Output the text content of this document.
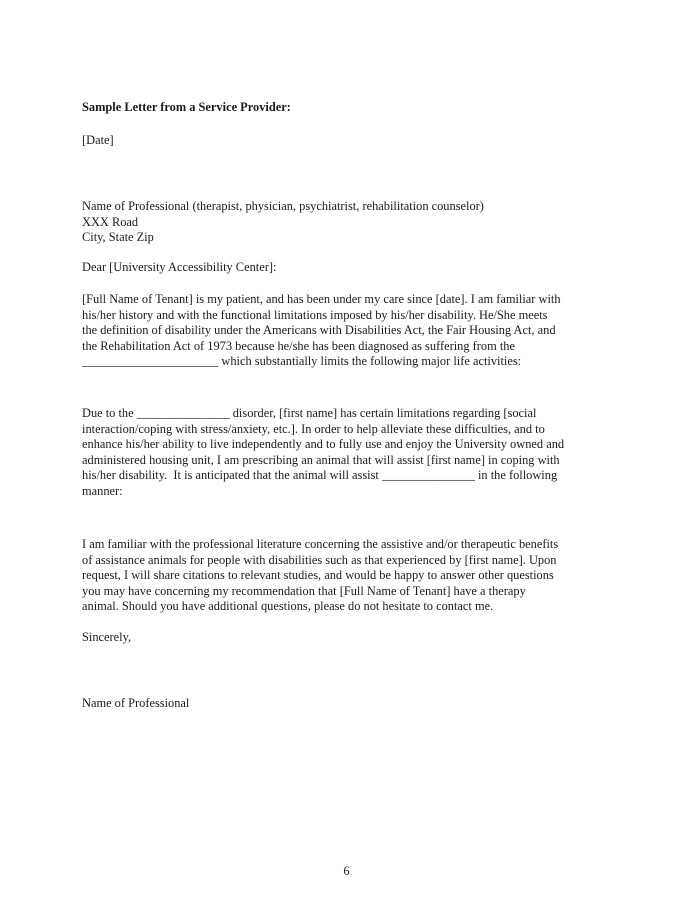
Sample Letter from a Service Provider:
[Date]
Name of Professional (therapist, physician, psychiatrist, rehabilitation counselor)
XXX Road
City, State Zip
Dear [University Accessibility Center]:
[Full Name of Tenant] is my patient, and has been under my care since [date]. I am familiar with
his/her history and with the functional limitations imposed by his/her disability. He/She meets
the definition of disability under the Americans with Disabilities Act, the Fair Housing Act, and
the Rehabilitation Act of 1973 because he/she has been diagnosed as suffering from the
______________________ which substantially limits the following major life activities:
Due to the _______________ disorder, [first name] has certain limitations regarding [social
interaction/coping with stress/anxiety, etc.]. In order to help alleviate these difficulties, and to
enhance his/her ability to live independently and to fully use and enjoy the University owned and
administered housing unit, I am prescribing an animal that will assist [first name] in coping with
his/her disability.  It is anticipated that the animal will assist _______________ in the following
manner:
I am familiar with the professional literature concerning the assistive and/or therapeutic benefits
of assistance animals for people with disabilities such as that experienced by [first name]. Upon
request, I will share citations to relevant studies, and would be happy to answer other questions
you may have concerning my recommendation that [Full Name of Tenant] have a therapy
animal. Should you have additional questions, please do not hesitate to contact me.
Sincerely,
Name of Professional
6
